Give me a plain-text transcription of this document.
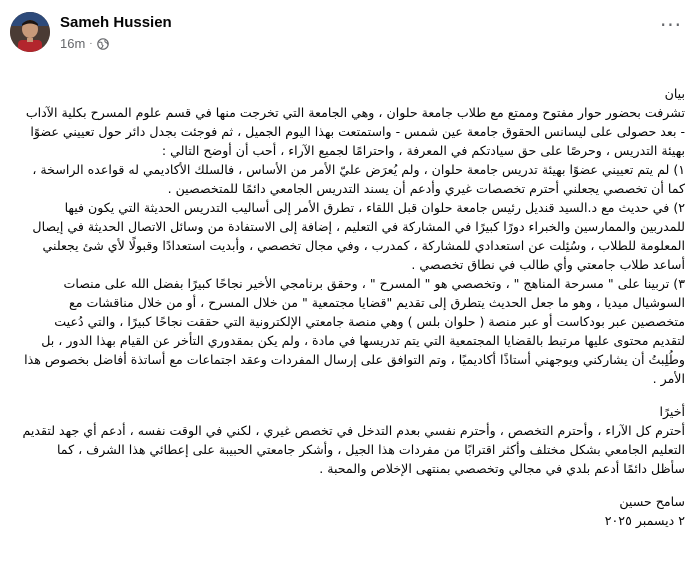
Sameh Hussien
16m ·
···

بيان

تشرفت بحضور حوار مفتوح وممتع مع طلاب جامعة حلوان ، وهي الجامعة التي تخرجت منها في قسم علوم المسرح بكلية الآداب - بعد حصولى على ليسانس الحقوق جامعة عين شمس - واستمتعت بهذا اليوم الجميل ، ثم فوجئت بجدل دائر حول تعييني عضوًا بهيئة التدريس ، وحرصًا على حق سيادتكم في المعرفة ، واحترامًا لجميع الآراء ، أحب أن أوضح التالي :

١) لم يتم تعييني عضوًا بهيئة تدريس جامعة حلوان ، ولم يُعرَض عليّ الأمر من الأساس ، فالسلك الأكاديمي له قواعده الراسخة ، كما أن تخصصي يجعلني أحترم تخصصات غيري وأدعم أن يسند التدريس الجامعي دائمًا للمتخصصين .

٢) في حديث مع د.السيد قنديل رئيس جامعة حلوان قبل اللقاء ، تطرق الأمر إلى أساليب التدريس الحديثة التي يكون فيها للمدربين والممارسين والخبراء دورًا كبيرًا في المشاركة في التعليم ، إضافة إلى الاستفادة من وسائل الاتصال الحديثة في إيصال المعلومة للطلاب ، وسُئِلت عن استعدادي للمشاركة ، كمدرب ، وفي مجال تخصصي ، وأبديت استعدادًا وقبولًا لأي شئ يجعلني أساعد طلاب جامعتي وأي طالب في نطاق تخصصي .

٣) تربينا على " مسرحة المناهج " ، وتخصصي هو " المسرح " ، وحقق برنامجي الأخير نجاحًا كبيرًا بفضل الله على منصات السوشيال ميديا ، وهو ما جعل الحديث يتطرق إلى تقديم "قضايا مجتمعية " من خلال المسرح ، أو من خلال مناقشات مع متخصصين عبر بودكاست أو عبر منصة ( حلوان بلس ) وهي منصة جامعتي الإلكترونية التي حققت نجاحًا كبيرًا ، والتي دُعيت لتقديم محتوى عليها مرتبط بالقضايا المجتمعية التي يتم تدريسها في مادة ، ولم يكن بمقدوري التأخر عن القيام بهذا الدور ، بل وطُلِبتُ أن يشاركني ويوجهني أستاذًا أكاديميًا ، وتم التوافق على إرسال المفردات وعقد اجتماعات مع أساتذة أفاضل بخصوص هذا الأمر .

أخيرًا
أحترم كل الآراء ، وأحترم التخصص ، وأحترم نفسي بعدم التدخل في تخصص غيري ، لكني في الوقت نفسه ، أدعم أي جهد لتقديم التعليم الجامعي بشكل مختلف وأكثر اقترابًا من مفردات هذا الجيل ، وأشكر جامعتي الحبيبة على إعطائي هذا الشرف ، كما سأظل دائمًا أدعم بلدي في مجالي وتخصصي بمنتهى الإخلاص والمحبة .

سامح حسين
٢ ديسمبر ٢٠٢٥
